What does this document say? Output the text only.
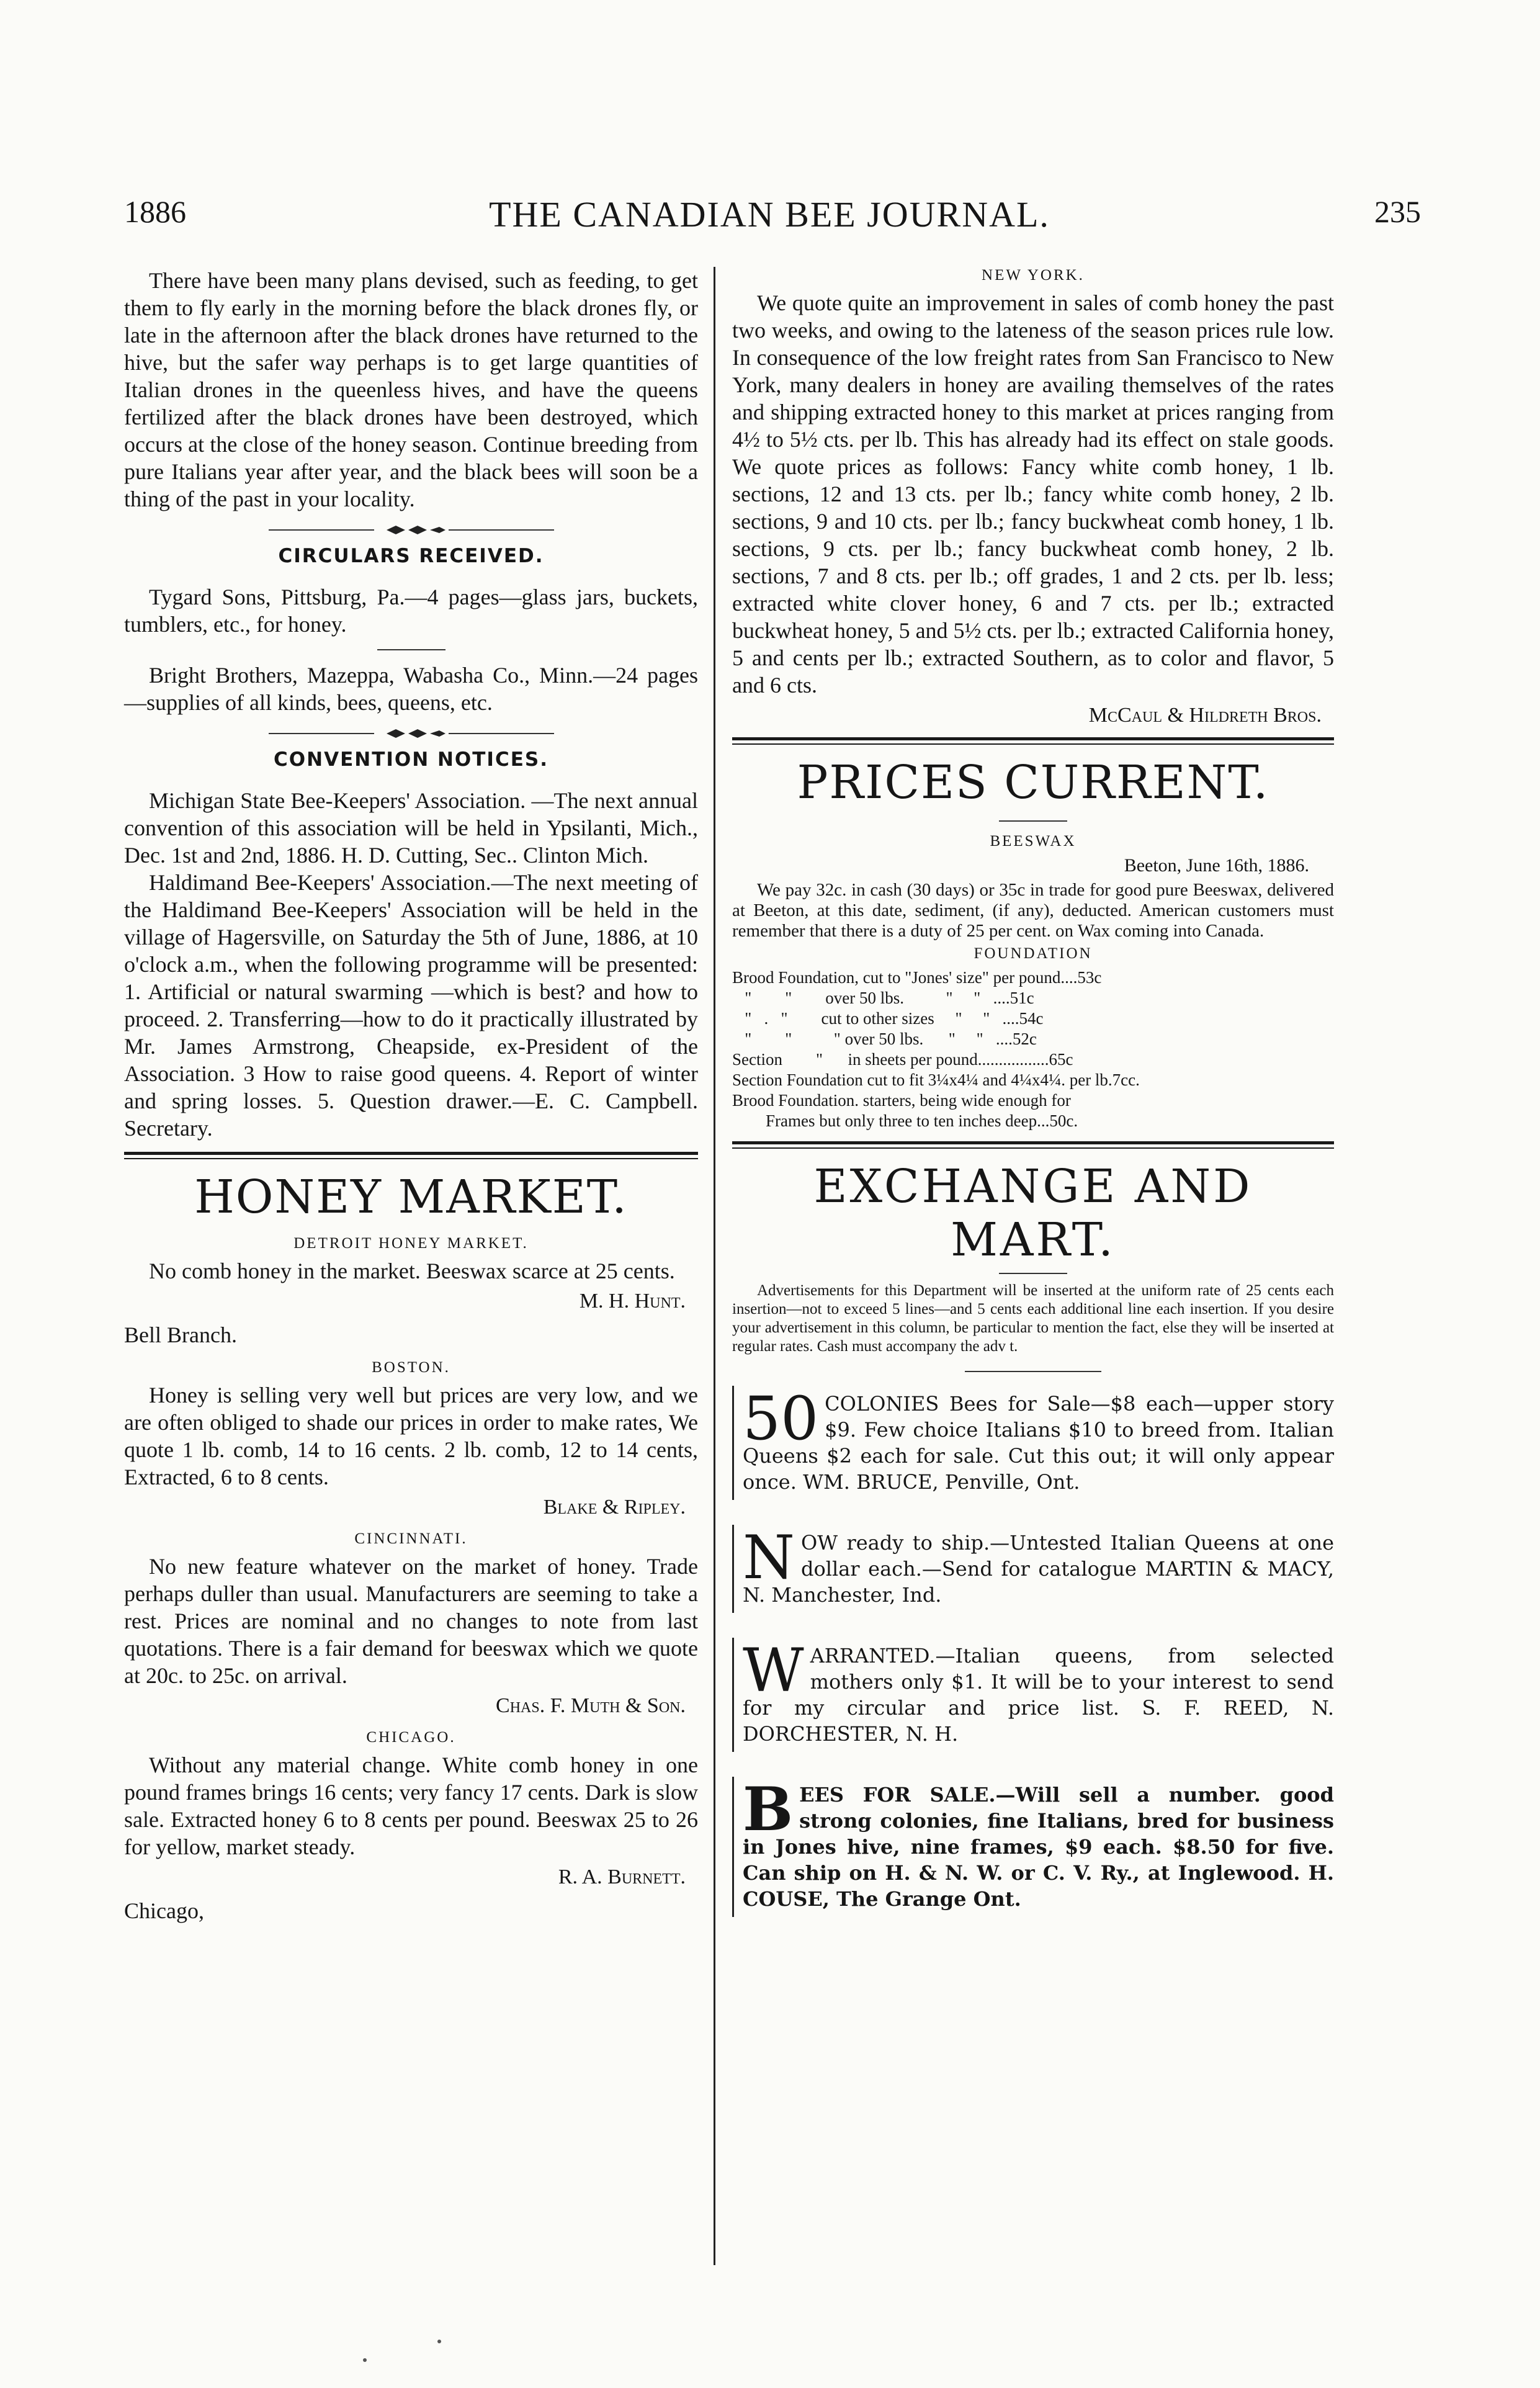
1886	THE CANADIAN BEE JOURNAL.	235

There have been many plans devised, such as feeding, to get them to fly early in the morning before the black drones fly, or late in the afternoon after the black drones have returned to the hive, but the safer way perhaps is to get large quantities of Italian drones in the queenless hives, and have the queens fertilized after the black drones have been destroyed, which occurs at the close of the honey season. Continue breeding from pure Italians year after year, and the black bees will soon be a thing of the past in your locality.

CIRCULARS RECEIVED.

Tygard Sons, Pittsburg, Pa.—4 pages—glass jars, buckets, tumblers, etc., for honey.

Bright Brothers, Mazeppa, Wabasha Co., Minn.—24 pages—supplies of all kinds, bees, queens, etc.

CONVENTION NOTICES.

Michigan State Bee-Keepers' Association. —The next annual convention of this association will be held in Ypsilanti, Mich., Dec. 1st and 2nd, 1886. H. D. Cutting, Sec.. Clinton Mich.

Haldimand Bee-Keepers' Association.—The next meeting of the Haldimand Bee-Keepers' Association will be held in the village of Hagersville, on Saturday the 5th of June, 1886, at 10 o'clock a.m., when the following programme will be presented: 1. Artificial or natural swarming —which is best? and how to proceed. 2. Transferring—how to do it practically illustrated by Mr. James Armstrong, Cheapside, ex-President of the Association. 3 How to raise good queens. 4. Report of winter and spring losses. 5. Question drawer.—E. C. Campbell. Secretary.

HONEY MARKET.
DETROIT HONEY MARKET.

No comb honey in the market. Beeswax scarce at 25 cents.

M. H. Hunt.
Bell Branch.
BOSTON.

Honey is selling very well but prices are very low, and we are often obliged to shade our prices in order to make rates, We quote 1 lb. comb, 14 to 16 cents. 2 lb. comb, 12 to 14 cents, Extracted, 6 to 8 cents.

Blake & Ripley.
CINCINNATI.

No new feature whatever on the market of honey. Trade perhaps duller than usual. Manufacturers are seeming to take a rest. Prices are nominal and no changes to note from last quotations. There is a fair demand for beeswax which we quote at 20c. to 25c. on arrival.

Chas. F. Muth & Son.
CHICAGO.

Without any material change. White comb honey in one pound frames brings 16 cents; very fancy 17 cents. Dark is slow sale. Extracted honey 6 to 8 cents per pound. Beeswax 25 to 26 for yellow, market steady.

R. A. Burnett.
Chicago,
NEW YORK.

We quote quite an improvement in sales of comb honey the past two weeks, and owing to the lateness of the season prices rule low. In consequence of the low freight rates from San Francisco to New York, many dealers in honey are availing themselves of the rates and shipping extracted honey to this market at prices ranging from 4½ to 5½ cts. per lb. This has already had its effect on stale goods. We quote prices as follows: Fancy white comb honey, 1 lb. sections, 12 and 13 cts. per lb.; fancy white comb honey, 2 lb. sections, 9 and 10 cts. per lb.; fancy buckwheat comb honey, 1 lb. sections, 9 cts. per lb.; fancy buckwheat comb honey, 2 lb. sections, 7 and 8 cts. per lb.; off grades, 1 and 2 cts. per lb. less; extracted white clover honey, 6 and 7 cts. per lb.; extracted buckwheat honey, 5 and 5½ cts. per lb.; extracted California honey, 5 and cents per lb.; extracted Southern, as to color and flavor, 5 and 6 cts.

McCaul & Hildreth Bros.
PRICES CURRENT.
BEESWAX
Beeton, June 16th, 1886.

We pay 32c. in cash (30 days) or 35c in trade for good pure Beeswax, delivered at Beeton, at this date, sediment, (if any), deducted. American customers must remember that there is a duty of 25 per cent. on Wax coming into Canada.

FOUNDATION
Brood Foundation, cut to "Jones' size" per pound....53c
"        "        over 50 lbs.          "     "   ....51c
"   .   "        cut to other sizes     "     "   ....54c
"        "          " over 50 lbs.      "     "   ....52c
Section        "      in sheets per pound.................65c
Section Foundation cut to fit 3¼x4¼ and 4¼x4¼. per lb.7cc.
Brood Foundation. starters, being wide enough for
Frames but only three to ten inches deep...50c.
EXCHANGE AND MART.

Advertisements for this Department will be inserted at the uniform rate of 25 cents each insertion—not to exceed 5 lines—and 5 cents each additional line each insertion. If you desire your advertisement in this column, be particular to mention the fact, else they will be inserted at regular rates. Cash must accompany the adv t.

50 COLONIES Bees for Sale—$8 each—upper story $9. Few choice Italians $10 to breed from. Italian Queens $2 each for sale. Cut this out; it will only appear once. WM. BRUCE, Penville, Ont.

NOW ready to ship.—Untested Italian Queens at one dollar each.—Send for catalogue MARTIN & MACY, N. Manchester, Ind.

WARRANTED.—Italian queens, from selected mothers only $1. It will be to your interest to send for my circular and price list. S. F. REED, N. DORCHESTER, N. H.

BEES FOR SALE.—Will sell a number. good strong colonies, fine Italians, bred for business in Jones hive, nine frames, $9 each. $8.50 for five. Can ship on H. & N. W. or C. V. Ry., at Inglewood. H. COUSE, The Grange Ont.
